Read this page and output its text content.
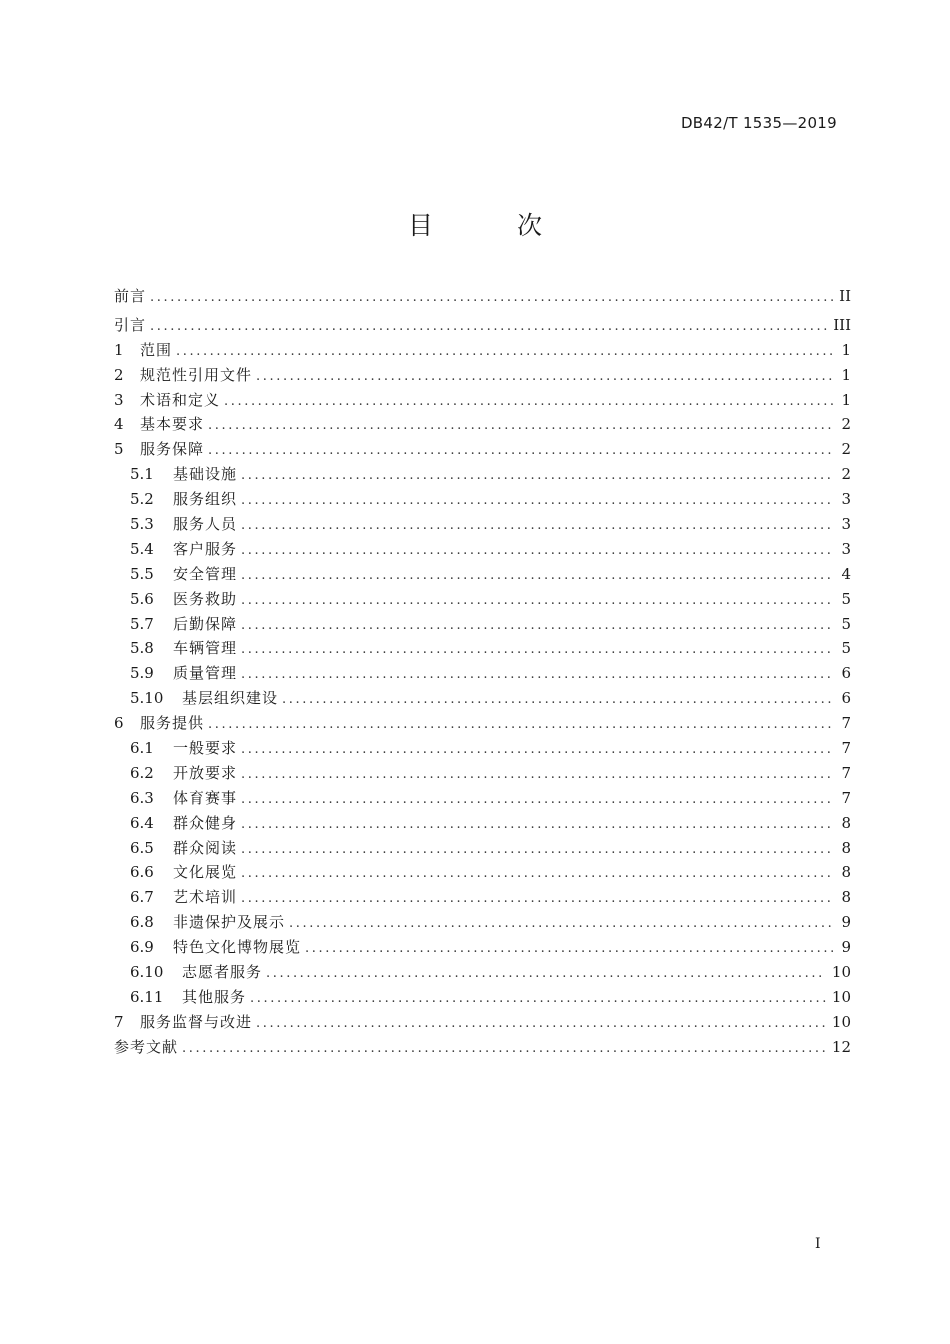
DB42/T 1535—2019
目 次
前言 .....	II
引言 .....	III
1	范围 .....	1
2	规范性引用文件 .....	1
3	术语和定义 .....	1
4	基本要求 .....	2
5	服务保障 .....	2
5.1	基础设施 .....	2
5.2	服务组织 .....	3
5.3	服务人员 .....	3
5.4	客户服务 .....	3
5.5	安全管理 .....	4
5.6	医务救助 .....	5
5.7	后勤保障 .....	5
5.8	车辆管理 .....	5
5.9	质量管理 .....	6
5.10	基层组织建设 .....	6
6	服务提供 .....	7
6.1	一般要求 .....	7
6.2	开放要求 .....	7
6.3	体育赛事 .....	7
6.4	群众健身 .....	8
6.5	群众阅读 .....	8
6.6	文化展览 .....	8
6.7	艺术培训 .....	8
6.8	非遗保护及展示 .....	9
6.9	特色文化博物展览 .....	9
6.10	志愿者服务 .....	10
6.11	其他服务 .....	10
7	服务监督与改进 .....	10
参考文献 .....	12
I
